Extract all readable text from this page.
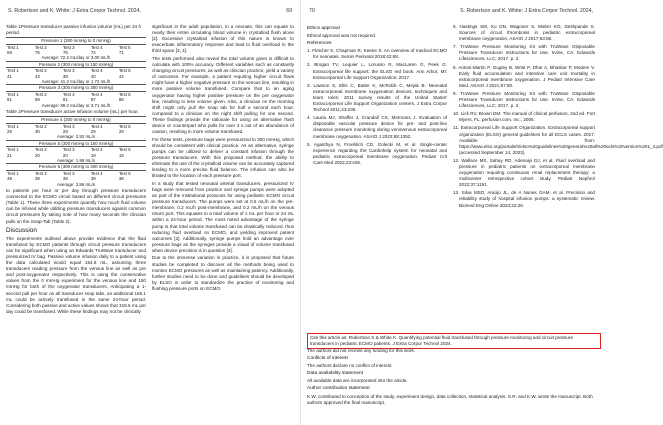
S. Robertson and K. White: J Extra Corpor Technol. 2024,	69

Table 1Pressure transducer passive infusion volume (mL) per 24 h period.

Pressure 1 (300 mmHg to 0 mmHg)				
Test 1	Test 2	Test 3	Test 4	Test 5
68	75	75	72	71
Average: 72.2 mL/day or 3.00 mL/h				
Pressure 2 (300 mmHg to 150 mmHg)				
Test 1	Test 2	Test 3	Test 4	Test 5
41	43	38	40	44
Average: 41.2 mL/day or 1.72 mL/h				
Pressure 3 (300 mmHg to 300 mmHg)				
Test 1	Test 2	Test 3	Test 4	Test 5
91	89	91	87	88
Average: 89.2 mL/day or 3.71 mL/h				

Table 2Pressure transducer active infusion volume (mL) per hour.

Pressure 4 (300 mmHg to 0 mmHg)				
Test 1	Test 2	Test 3	Test 4	Test 5
29	30	28	29	29
Average: 2.92 mL/s				
Pressure 5 (300 mmHg to 150 mmHg)				
Test 1	Test 2	Test 3	Test 4	Test 5
21	20	20	19	19
Average: 1.98 mL/s				
Pressure 6 (300 mmHg to 300 mmHg)				
Test 1	Test 2	Test 3	Test 4	Test 5
39	39	38	39	38
Average: 3.86 mL/s				

to patients per hour or per day through pressure transducers connected to the ECMO circuit based on different circuit pressures (Table 1). These three experiments quantify how much fluid volume can be infused while utilizing pressure transducers against common circuit pressures by taking note of how many seconds the clinician pulls on the Snap-Tab (Table 2).

Discussion

The experiments outlined above provide evidence that the fluid transfused by ECMO patients through circuit pressure transducers can be significant when using an Edwards TruWave transducer and pressurized IV bag. Passive volume infusion daily to a patient using the data calculated would equal 154.6 mL, assuming three transducers reading pressure from the venous line as well as pre and post-oxygenator respectively. This is using the conservative values from the 0 mmHg experiment for the venous line and 150 mmHg for both of the oxygenator transducers. Anticipating a 1-second pull per hour on all transducer snap tabs, an additional 165.1 mL could be actively transfused in the same 24-hour period. Considering both passive and active values shows that 319.6 mL per day could be transfused. While these findings may not be clinically

significant in the adult population, in a neonate, this can equate to nearly their entire circulating blood volume in crystalloid flush alone [2]. Excessive crystalloid infusion of this nature is known to exacerbate inflammatory response and lead to fluid overload in the third space [3, 4].

The tests performed also reveal the total volume given is difficult to calculate with 100% accuracy. Different variables such as constantly changing circuit pressures, as well as clinician practice, yield a variety of outcomes. For example, a patient requiring higher circuit flows might have a higher negative pressure on the venous line, resulting in more passive volume transfused. Compare that to an aging oxygenator having higher positive pressure on the pre oxygenator line, resulting in less volume given. Also, a clinician on the morning shift might only pull the snap tab for half a second each hour, compared to a clinician on the night shift pulling for one second. These findings provide the rationale for using an alternative flush device or counterpart who pulls for over 2 s out of an abundance of caution, resulting in more volume transfused.

For these tests, pressure bags were pressurized to 300 mmHg, which should be consistent with clinical practice. As an alternative, syringe pumps can be utilized to deliver a constant infusion through the pressure transducers. With this proposed method, the ability to eliminate the use of the crystalloid volume can be accurately captured lending to a more precise fluid balance. The infusion can also be titrated to the location of each pressure port.

In a study that tested neonatal arterial transducers, pressurized IV bags were removed from practice and syringe pumps were adopted as part of the institutional protocols for using pediatric ECMO circuit pressure transducers. The pumps were set at 0.5 mL/h on the pre-membrane, 0.2 mL/h post-membrane, and 0.2 mL/h on the venous return port. This equates to a total volume of 1 mL per hour or 24 mL within a 24-hour period. The most noted advantage of the syringe pump is that total volume transfused can be drastically reduced, thus reducing fluid overload on ECMO, and yielding improved patient outcomes [2]. Additionally, syringe pumps hold an advantage over pressure bags as the syringes provide a visual of volume transfused when device precision is in question [3].

Due to the immense variation in practice, it is proposed that future studies be completed to discover all the methods being used to monitor ECMO pressures as well as maintaining patency. Additionally, further studies need to be done and guidelines should be developed by ELSO in order to standardize the practice of monitoring and flushing pressure ports on ECMO.

70	S. Robertson and K. White: J Extra Corpor Technol. 2024,
Ethics approval

Ethical approval was not required.

References

1. Fletcher K, Chapman R, Keene S. An overview of medical ECMO for neonates. Semin Perinatol 2018;42:68.

2. Brogan TV, Lequier L, Lorusso R, MacLaren G, Peek G. Extracorporeal life support: the ELSO red book. Ann Arbor, MI: Extracorporeal Life Support Organization; 2017.

3. Lawson S, Ellis C, Butler K, McRobb C, Mejak B. Neonatal extracorporeal membrane oxygenation devices, techniques and team roles: 2011 survey results of the United States' Extracorporeal Life Support Organization centers. J Extra Corpor Technol 2011;43:236.

4. Lauria MJ, Shaffer J, Crandall CS, Mermans J. Evaluation of disposable vascular pressure device for pre- and post-line clearance pressure monitoring during venovenous extracorporeal membrane oxygenation. ASAIO J 2022;68:1352.

5. Agasthya N, Froehlich CD, Golecki M, et al. Single-center experience regarding the Cardiohelp system for neonatal and pediatric extracorporeal membrane oxygenation. Pediatr Crit Care Med 2022;23:e25.

6. Hastings SM, Ku DN, Wagoner S, Maher KO, Deshpande S. Sources of circuit thrombosis in pediatric extracorporeal membrane oxygenation. ASAIO J 2017;63:86.

7. TruWave Pressure Monitoring Kit with TruWave Disposable Pressure Transducer Instructions for Use. Irvine, CA: Edwards Lifesciences, LLC; 2017. p. 2.

8. Antoni-Martin P, Gugley B, Wrist P, Dhar A, Bhaskar P, Modem V. Early fluid accumulation and intensive care unit mortality in extracorporeal membrane oxygenation. J Pediatr Intensive Care Med. ASAIO J 2021;67:80.

9. TruWave Pressure Monitoring Kit with TruWave Disposable Pressure Transducer Instructions for Use. Irvine, CA: Edwards Lifesciences, LLC; 2017. p. 2.

10. Lick RV, Brown DM. The manual of clinical perfusion, 2nd ed. Fort Myers, FL: perfusion.com, Inc.; 2005.

11. Extracorporeal Life Support Organization. Extracorporeal support organization (ELSO) general guidelines for all ECLS cases, 2017. Available from: https://www.elso.org/portals/0/elso%20guidelines%20general%20all%20ecls%20version%201_4.pdf (accessed September 14, 2023).

12. Wallace MS, Sahay RD, Adenaiyi DJ, et al. Fluid overload and pressure in pediatric patients on extracorporeal membrane oxygenation requiring continuous renal replacement therapy: a multicenter retrospective cohort study. Pediatr Nephrol 2022;37:1191.

13. Silva MSD, Araújo JL, de A Nunes GAM, et al. Precision and reliability study of hospital infusion pumps: a systematic review. Biomed Eng Online 2023;22:26.

Cite this article as: Robertson S & White K. Quantifying potential fluid transfused through pressure monitoring and circuit pressure transducers in pediatric ECMO patients. J Extra Corpor Technol 2024.
The authors did not receive any funding for this work.
Conflicts of interest
The authors declare no conflict of interest.
Data availability statement
All available data are incorporated into the article.
Author contribution statement
K.W. contributed to conception of the study, experiment design, data collection, statistical analysis. S.R. and K.W. wrote the manuscript. Both authors approved the final manuscript.
